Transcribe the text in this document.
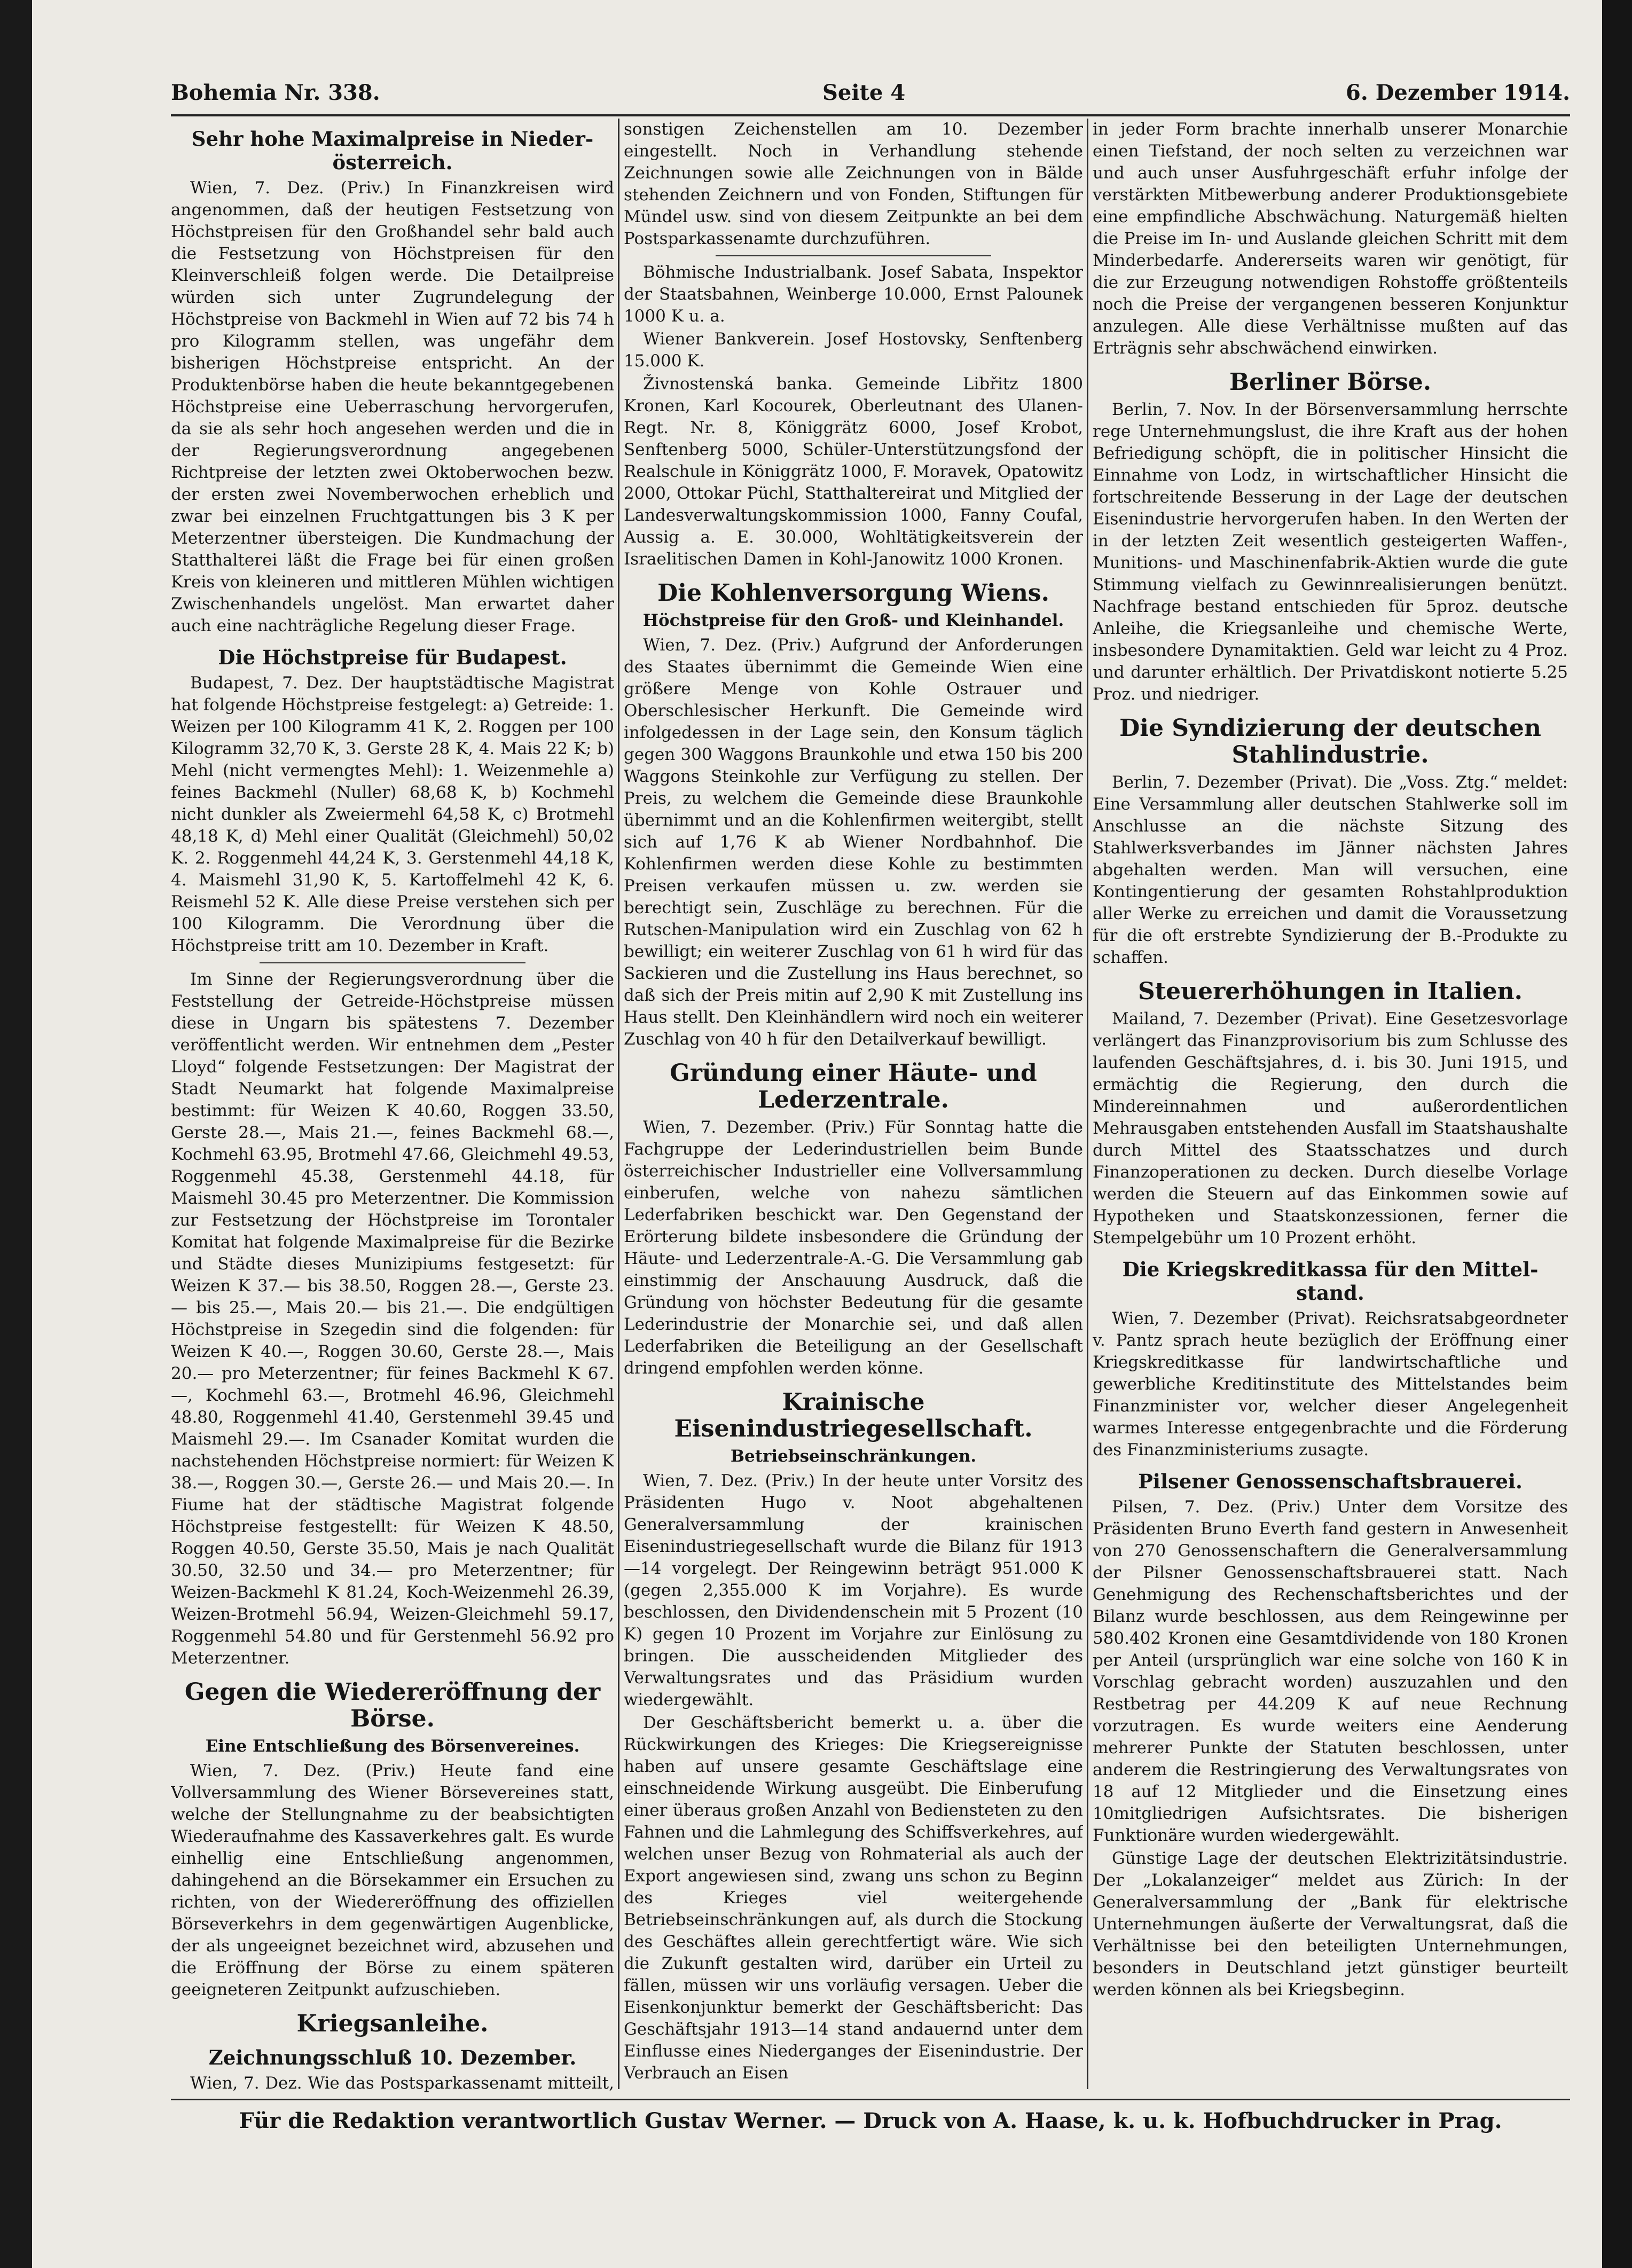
Bohemia Nr. 338.	Seite 4	6. Dezember 1914.
Sehr hohe Maximalpreise in Niederösterreich.

Wien, 7. Dez. (Priv.) In Finanzkreisen wird angenommen, daß der heutigen Festsetzung von Höchstpreisen für den Großhandel sehr bald auch die Festsetzung von Höchstpreisen für den Kleinverschleiß folgen werde. Die Detailpreise würden sich unter Zugrundelegung der Höchstpreise von Backmehl in Wien auf 72 bis 74 h pro Kilogramm stellen, was ungefähr dem bisherigen Höchstpreise entspricht. An der Produktenbörse haben die heute bekanntgegebenen Höchstpreise eine Ueberraschung hervorgerufen, da sie als sehr hoch angesehen werden und die in der Regierungsverordnung angegebenen Richtpreise der letzten zwei Oktoberwochen bezw. der ersten zwei Novemberwochen erheblich und zwar bei einzelnen Fruchtgattungen bis 3 K per Meterzentner übersteigen. Die Kundmachung der Statthalterei läßt die Frage bei für einen großen Kreis von kleineren und mittleren Mühlen wichtigen Zwischenhandels ungelöst. Man erwartet daher auch eine nachträgliche Regelung dieser Frage.

Die Höchstpreise für Budapest.

Budapest, 7. Dez. Der hauptstädtische Magistrat hat folgende Höchstpreise festgelegt: a) Getreide: 1. Weizen per 100 Kilogramm 41 K, 2. Roggen per 100 Kilogramm 32,70 K, 3. Gerste 28 K, 4. Mais 22 K; b) Mehl (nicht vermengtes Mehl): 1. Weizenmehle a) feines Backmehl (Nuller) 68,68 K, b) Kochmehl nicht dunkler als Zweiermehl 64,58 K, c) Brotmehl 48,18 K, d) Mehl einer Qualität (Gleichmehl) 50,02 K. 2. Roggenmehl 44,24 K, 3. Gerstenmehl 44,18 K, 4. Maismehl 31,90 K, 5. Kartoffelmehl 42 K, 6. Reismehl 52 K. Alle diese Preise verstehen sich per 100 Kilogramm. Die Verordnung über die Höchstpreise tritt am 10. Dezember in Kraft.

Im Sinne der Regierungsverordnung über die Feststellung der Getreide-Höchstpreise müssen diese in Ungarn bis spätestens 7. Dezember veröffentlicht werden. Wir entnehmen dem „Pester Lloyd“ folgende Festsetzungen: Der Magistrat der Stadt Neumarkt hat folgende Maximalpreise bestimmt: für Weizen K 40.60, Roggen 33.50, Gerste 28.—, Mais 21.—, feines Backmehl 68.—, Kochmehl 63.95, Brotmehl 47.66, Gleichmehl 49.53, Roggenmehl 45.38, Gerstenmehl 44.18, für Maismehl 30.45 pro Meterzentner. Die Kommission zur Festsetzung der Höchstpreise im Torontaler Komitat hat folgende Maximalpreise für die Bezirke und Städte dieses Munizipiums festgesetzt: für Weizen K 37.— bis 38.50, Roggen 28.—, Gerste 23.— bis 25.—, Mais 20.— bis 21.—. Die endgültigen Höchstpreise in Szegedin sind die folgenden: für Weizen K 40.—, Roggen 30.60, Gerste 28.—, Mais 20.— pro Meterzentner; für feines Backmehl K 67.—, Kochmehl 63.—, Brotmehl 46.96, Gleichmehl 48.80, Roggenmehl 41.40, Gerstenmehl 39.45 und Maismehl 29.—. Im Csanader Komitat wurden die nachstehenden Höchstpreise normiert: für Weizen K 38.—, Roggen 30.—, Gerste 26.— und Mais 20.—. In Fiume hat der städtische Magistrat folgende Höchstpreise festgestellt: für Weizen K 48.50, Roggen 40.50, Gerste 35.50, Mais je nach Qualität 30.50, 32.50 und 34.— pro Meterzentner; für Weizen-Backmehl K 81.24, Koch-Weizenmehl 26.39, Weizen-Brotmehl 56.94, Weizen-Gleichmehl 59.17, Roggenmehl 54.80 und für Gerstenmehl 56.92 pro Meterzentner.

Gegen die Wiedereröffnung der Börse.
Eine Entschließung des Börsenvereines.

Wien, 7. Dez. (Priv.) Heute fand eine Vollversammlung des Wiener Börsevereines statt, welche der Stellungnahme zu der beabsichtigten Wiederaufnahme des Kassaverkehres galt. Es wurde einhellig eine Entschließung angenommen, dahingehend an die Börsekammer ein Ersuchen zu richten, von der Wiedereröffnung des offiziellen Börseverkehrs in dem gegenwärtigen Augenblicke, der als ungeeignet bezeichnet wird, abzusehen und die Eröffnung der Börse zu einem späteren geeigneteren Zeitpunkt aufzuschieben.

Kriegsanleihe.
Zeichnungsschluß 10. Dezember.

Wien, 7. Dez. Wie das Postsparkassenamt mitteilt,

sonstigen Zeichenstellen am 10. Dezember eingestellt. Noch in Verhandlung stehende Zeichnungen sowie alle Zeichnungen von in Bälde stehenden Zeichnern und von Fonden, Stiftungen für Mündel usw. sind von diesem Zeitpunkte an bei dem Postsparkassenamte durchzuführen.

Böhmische Industrialbank. Josef Sabata, Inspektor der Staatsbahnen, Weinberge 10.000, Ernst Palounek 1000 K u. a.

Wiener Bankverein. Josef Hostovsky, Senftenberg 15.000 K.

Živnostenská banka. Gemeinde Libřitz 1800 Kronen, Karl Kocourek, Oberleutnant des Ulanen-Regt. Nr. 8, Königgrätz 6000, Josef Krobot, Senftenberg 5000, Schüler-Unterstützungsfond der Realschule in Königgrätz 1000, F. Moravek, Opatowitz 2000, Ottokar Püchl, Statthaltereirat und Mitglied der Landesverwaltungskommission 1000, Fanny Coufal, Aussig a. E. 30.000, Wohltätigkeitsverein der Israelitischen Damen in Kohl-Janowitz 1000 Kronen.

Die Kohlenversorgung Wiens.
Höchstpreise für den Groß- und Kleinhandel.

Wien, 7. Dez. (Priv.) Aufgrund der Anforderungen des Staates übernimmt die Gemeinde Wien eine größere Menge von Kohle Ostrauer und Oberschlesischer Herkunft. Die Gemeinde wird infolgedessen in der Lage sein, den Konsum täglich gegen 300 Waggons Braunkohle und etwa 150 bis 200 Waggons Steinkohle zur Verfügung zu stellen. Der Preis, zu welchem die Gemeinde diese Braunkohle übernimmt und an die Kohlenfirmen weitergibt, stellt sich auf 1,76 K ab Wiener Nordbahnhof. Die Kohlenfirmen werden diese Kohle zu bestimmten Preisen verkaufen müssen u. zw. werden sie berechtigt sein, Zuschläge zu berechnen. Für die Rutschen-Manipulation wird ein Zuschlag von 62 h bewilligt; ein weiterer Zuschlag von 61 h wird für das Sackieren und die Zustellung ins Haus berechnet, so daß sich der Preis mitin auf 2,90 K mit Zustellung ins Haus stellt. Den Kleinhändlern wird noch ein weiterer Zuschlag von 40 h für den Detailverkauf bewilligt.

Gründung einer Häute- und Lederzentrale.

Wien, 7. Dezember. (Priv.) Für Sonntag hatte die Fachgruppe der Lederindustriellen beim Bunde österreichischer Industrieller eine Vollversammlung einberufen, welche von nahezu sämtlichen Lederfabriken beschickt war. Den Gegenstand der Erörterung bildete insbesondere die Gründung der Häute- und Lederzentrale-A.-G. Die Versammlung gab einstimmig der Anschauung Ausdruck, daß die Gründung von höchster Bedeutung für die gesamte Lederindustrie der Monarchie sei, und daß allen Lederfabriken die Beteiligung an der Gesellschaft dringend empfohlen werden könne.

Krainische Eisenindustriegesellschaft.
Betriebseinschränkungen.

Wien, 7. Dez. (Priv.) In der heute unter Vorsitz des Präsidenten Hugo v. Noot abgehaltenen Generalversammlung der krainischen Eisenindustriegesellschaft wurde die Bilanz für 1913—14 vorgelegt. Der Reingewinn beträgt 951.000 K (gegen 2,355.000 K im Vorjahre). Es wurde beschlossen, den Dividendenschein mit 5 Prozent (10 K) gegen 10 Prozent im Vorjahre zur Einlösung zu bringen. Die ausscheidenden Mitglieder des Verwaltungsrates und das Präsidium wurden wiedergewählt.

Der Geschäftsbericht bemerkt u. a. über die Rückwirkungen des Krieges: Die Kriegsereignisse haben auf unsere gesamte Geschäftslage eine einschneidende Wirkung ausgeübt. Die Einberufung einer überaus großen Anzahl von Bediensteten zu den Fahnen und die Lahmlegung des Schiffsverkehres, auf welchen unser Bezug von Rohmaterial als auch der Export angewiesen sind, zwang uns schon zu Beginn des Krieges viel weitergehende Betriebseinschränkungen auf, als durch die Stockung des Geschäftes allein gerechtfertigt wäre. Wie sich die Zukunft gestalten wird, darüber ein Urteil zu fällen, müssen wir uns vorläufig versagen. Ueber die Eisenkonjunktur bemerkt der Geschäftsbericht: Das Geschäftsjahr 1913—14 stand andauernd unter dem Einflusse eines Niederganges der Eisenindustrie. Der Verbrauch an Eisen

in jeder Form brachte innerhalb unserer Monarchie einen Tiefstand, der noch selten zu verzeichnen war und auch unser Ausfuhrgeschäft erfuhr infolge der verstärkten Mitbewerbung anderer Produktionsgebiete eine empfindliche Abschwächung. Naturgemäß hielten die Preise im In- und Auslande gleichen Schritt mit dem Minderbedarfe. Andererseits waren wir genötigt, für die zur Erzeugung notwendigen Rohstoffe größtenteils noch die Preise der vergangenen besseren Konjunktur anzulegen. Alle diese Verhältnisse mußten auf das Erträgnis sehr abschwächend einwirken.

Berliner Börse.

Berlin, 7. Nov. In der Börsenversammlung herrschte rege Unternehmungslust, die ihre Kraft aus der hohen Befriedigung schöpft, die in politischer Hinsicht die Einnahme von Lodz, in wirtschaftlicher Hinsicht die fortschreitende Besserung in der Lage der deutschen Eisenindustrie hervorgerufen haben. In den Werten der in der letzten Zeit wesentlich gesteigerten Waffen-, Munitions- und Maschinenfabrik-Aktien wurde die gute Stimmung vielfach zu Gewinnrealisierungen benützt. Nachfrage bestand entschieden für 5proz. deutsche Anleihe, die Kriegsanleihe und chemische Werte, insbesondere Dynamitaktien. Geld war leicht zu 4 Proz. und darunter erhältlich. Der Privatdiskont notierte 5.25 Proz. und niedriger.

Die Syndizierung der deutschen Stahlindustrie.

Berlin, 7. Dezember (Privat). Die „Voss. Ztg.“ meldet: Eine Versammlung aller deutschen Stahlwerke soll im Anschlusse an die nächste Sitzung des Stahlwerksverbandes im Jänner nächsten Jahres abgehalten werden. Man will versuchen, eine Kontingentierung der gesamten Rohstahlproduktion aller Werke zu erreichen und damit die Voraussetzung für die oft erstrebte Syndizierung der B.-Produkte zu schaffen.

Steuererhöhungen in Italien.

Mailand, 7. Dezember (Privat). Eine Gesetzesvorlage verlängert das Finanzprovisorium bis zum Schlusse des laufenden Geschäftsjahres, d. i. bis 30. Juni 1915, und ermächtig die Regierung, den durch die Mindereinnahmen und außerordentlichen Mehrausgaben entstehenden Ausfall im Staatshaushalte durch Mittel des Staatsschatzes und durch Finanzoperationen zu decken. Durch dieselbe Vorlage werden die Steuern auf das Einkommen sowie auf Hypotheken und Staatskonzessionen, ferner die Stempelgebühr um 10 Prozent erhöht.

Die Kriegskreditkassa für den Mittelstand.

Wien, 7. Dezember (Privat). Reichsratsabgeordneter v. Pantz sprach heute bezüglich der Eröffnung einer Kriegskreditkasse für landwirtschaftliche und gewerbliche Kreditinstitute des Mittelstandes beim Finanzminister vor, welcher dieser Angelegenheit warmes Interesse entgegenbrachte und die Förderung des Finanzministeriums zusagte.

Pilsener Genossenschaftsbrauerei.

Pilsen, 7. Dez. (Priv.) Unter dem Vorsitze des Präsidenten Bruno Everth fand gestern in Anwesenheit von 270 Genossenschaftern die Generalversammlung der Pilsner Genossenschaftsbrauerei statt. Nach Genehmigung des Rechenschaftsberichtes und der Bilanz wurde beschlossen, aus dem Reingewinne per 580.402 Kronen eine Gesamtdividende von 180 Kronen per Anteil (ursprünglich war eine solche von 160 K in Vorschlag gebracht worden) auszuzahlen und den Restbetrag per 44.209 K auf neue Rechnung vorzutragen. Es wurde weiters eine Aenderung mehrerer Punkte der Statuten beschlossen, unter anderem die Restringierung des Verwaltungsrates von 18 auf 12 Mitglieder und die Einsetzung eines 10mitgliedrigen Aufsichtsrates. Die bisherigen Funktionäre wurden wiedergewählt.

Günstige Lage der deutschen Elektrizitätsindustrie. Der „Lokalanzeiger“ meldet aus Zürich: In der Generalversammlung der „Bank für elektrische Unternehmungen äußerte der Verwaltungsrat, daß die Verhältnisse bei den beteiligten Unternehmungen, besonders in Deutschland jetzt günstiger beurteilt werden können als bei Kriegsbeginn.

Für die Redaktion verantwortlich Gustav Werner. — Druck von A. Haase, k. u. k. Hofbuchdrucker in Prag.
